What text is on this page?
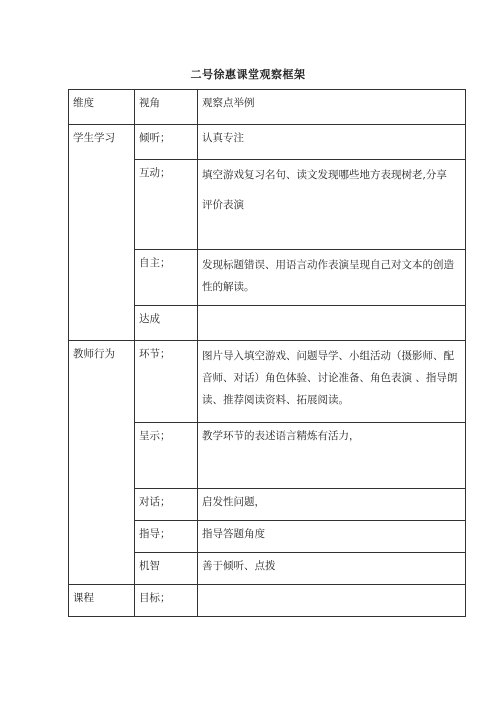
二号徐惠课堂观察框架
维度	视角	观察点举例
学生学习	倾听；	认真专注
	互动；	填空游戏复习名句、读文发现哪些地方表现树老,分享
评价表演

	自主；	发现标题错误、用语言动作表演呈现自己对文本的创造性的解读。
	达成	
教师行为	环节；	图片导入填空游戏、问题导学、小组活动（摄影师、配音师、对话）角色体验、讨论准备、角色表演 、指导朗读、推荐阅读资料、拓展阅读。
	呈示；	教学环节的表述语言精炼有活力，
	对话；	启发性问题，
	指导；	指导答题角度
	机智	善于倾听、点拨
课程	目标；	
